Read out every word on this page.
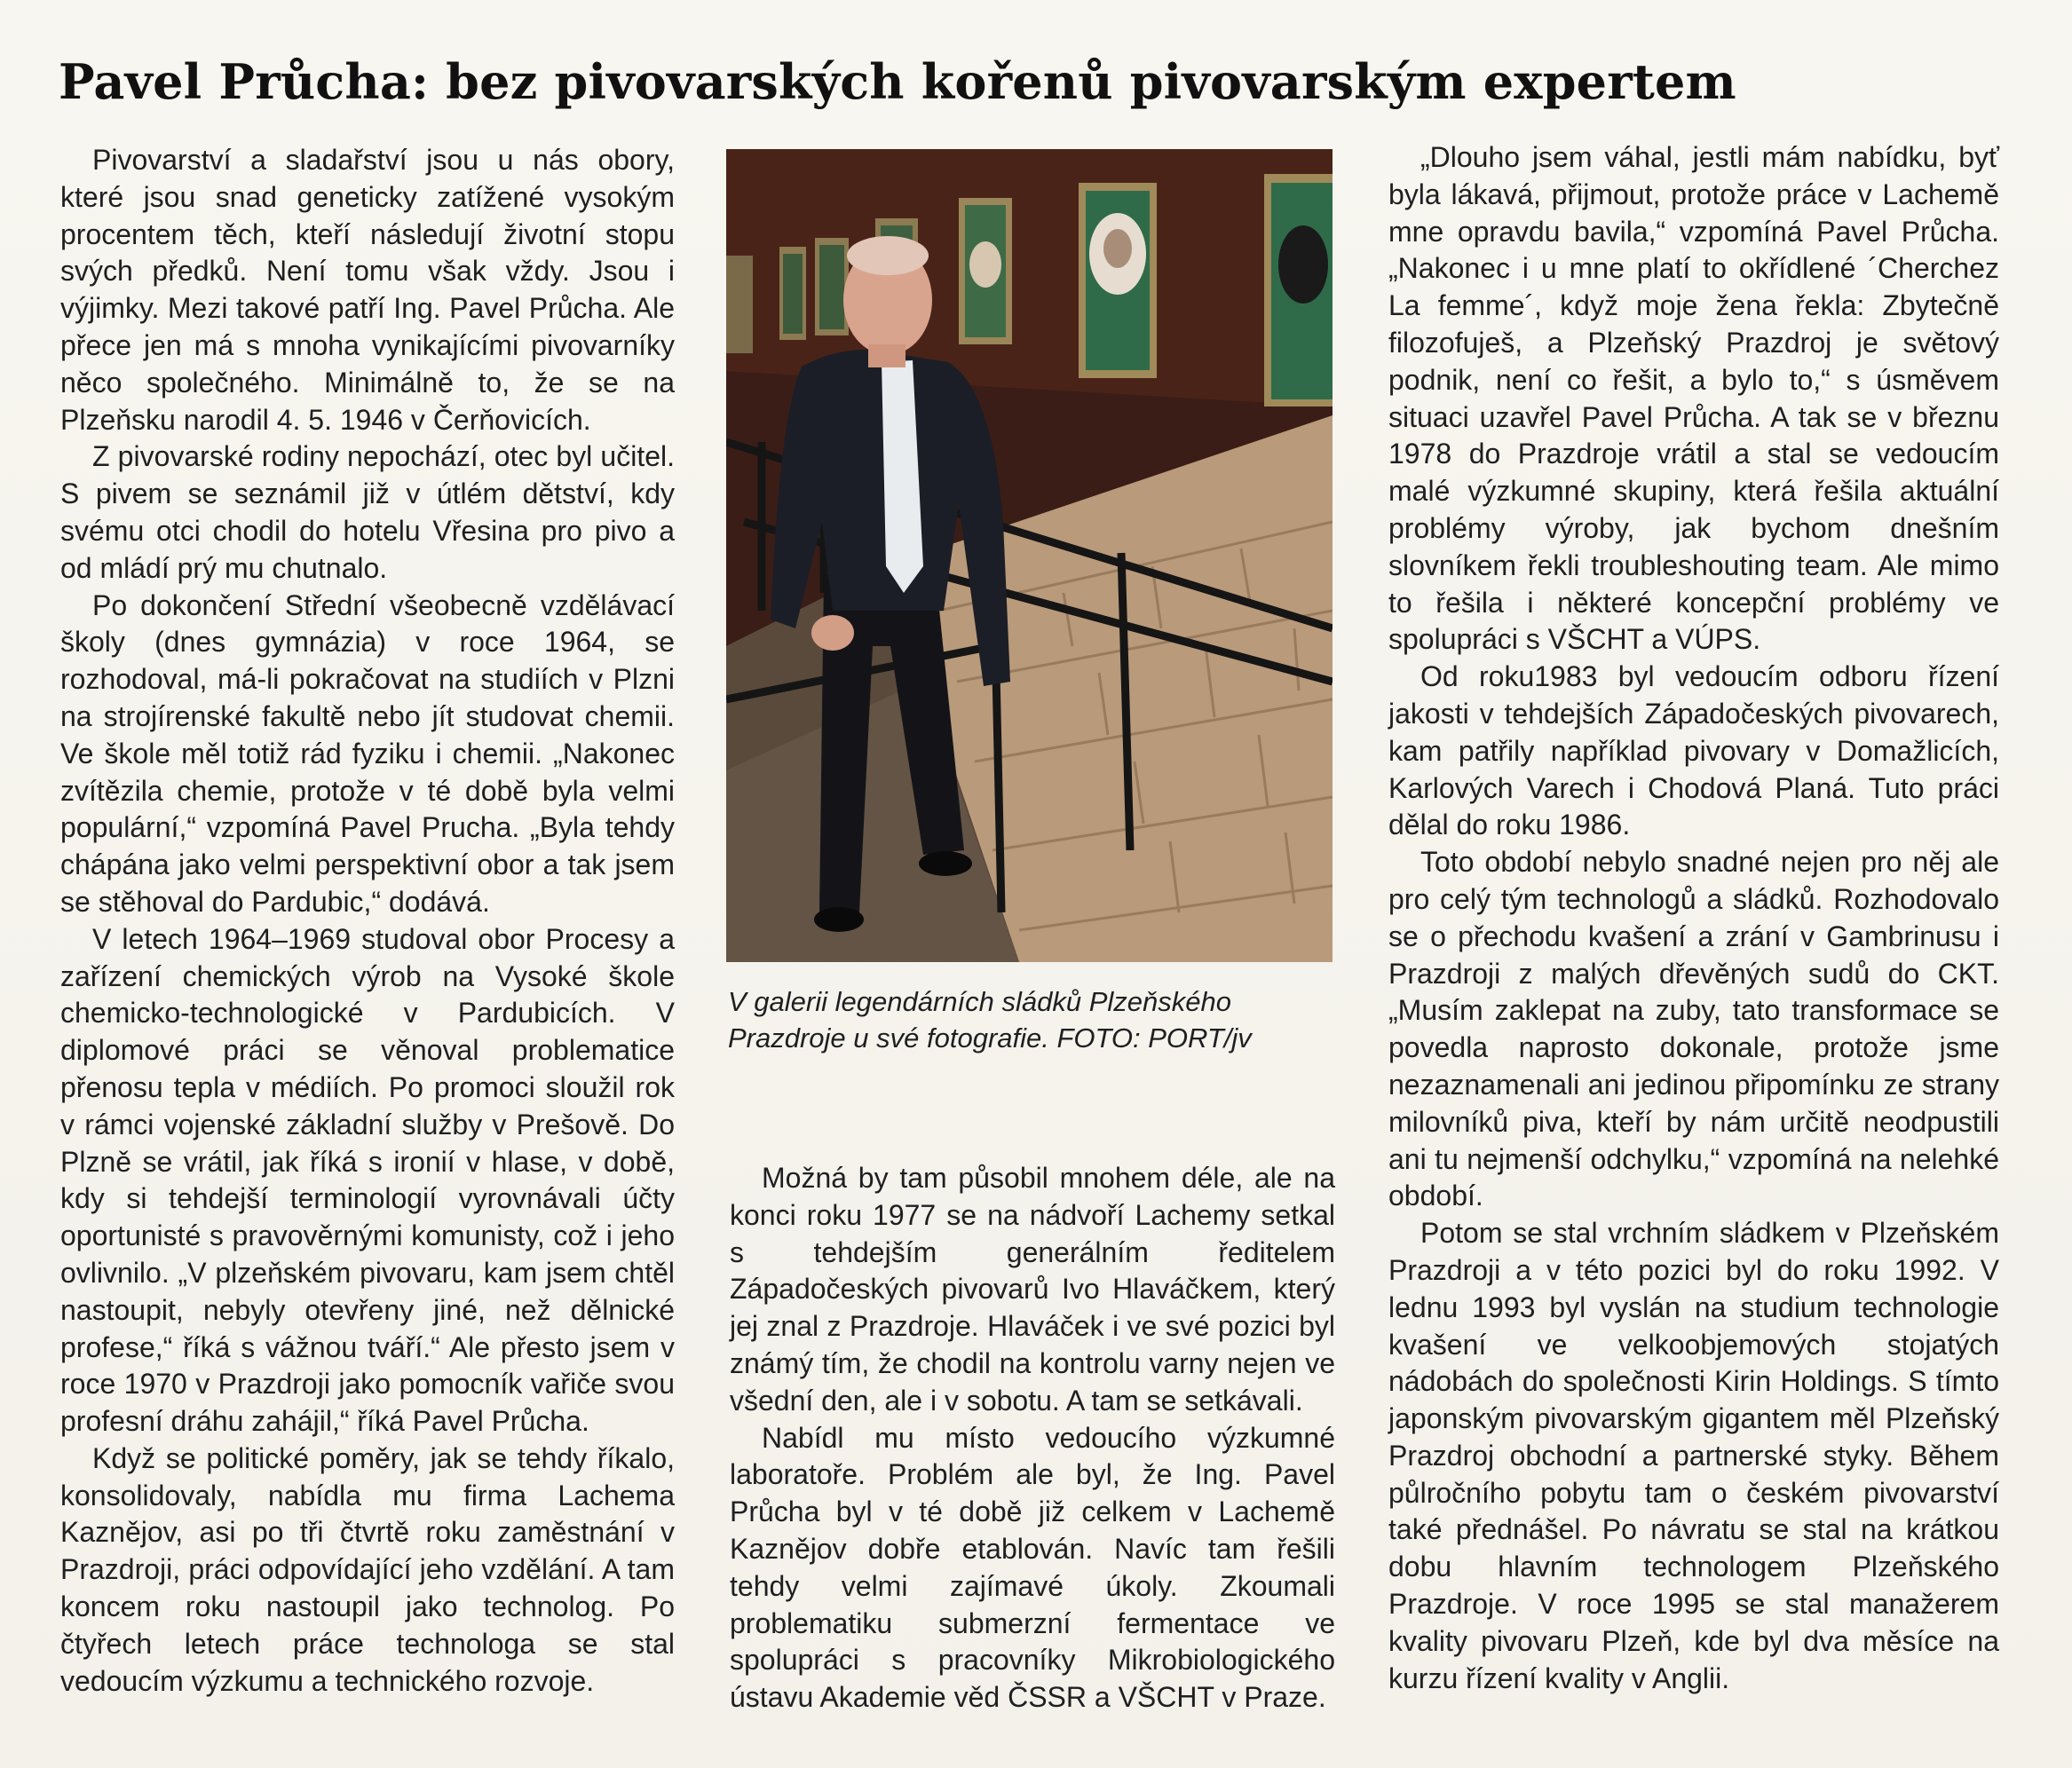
Pavel Průcha: bez pivovarských kořenů pivovarským expertem

Pivovarství a sladařství jsou u nás obory, které jsou snad geneticky zatížené vysokým procentem těch, kteří následují životní stopu svých předků. Není tomu však vždy. Jsou i výjimky. Mezi takové patří Ing. Pavel Průcha. Ale přece jen má s mnoha vynikajícími pivovarníky něco společného. Minimálně to, že se na Plzeňsku narodil 4. 5. 1946 v Čerňovicích.

Z pivovarské rodiny nepochází, otec byl učitel. S pivem se seznámil již v útlém dětství, kdy svému otci chodil do hotelu Vřesina pro pivo a od mládí prý mu chutnalo.

Po dokončení Střední všeobecně vzdělávací školy (dnes gymnázia) v roce 1964, se rozhodoval, má-li pokračovat na studiích v Plzni na strojírenské fakultě nebo jít studovat chemii. Ve škole měl totiž rád fyziku i chemii. „Nakonec zvítězila chemie, protože v té době byla velmi populární,“ vzpomíná Pavel Prucha. „Byla tehdy chápána jako velmi perspektivní obor a tak jsem se stěhoval do Pardubic,“ dodává.

V letech 1964–1969 studoval obor Procesy a zařízení chemických výrob na Vysoké škole chemicko-technologické v Pardubicích. V diplomové práci se věnoval problematice přenosu tepla v médiích. Po promoci sloužil rok v rámci vojenské základní služby v Prešově. Do Plzně se vrátil, jak říká s ironií v hlase, v době, kdy si tehdejší terminologií vyrovnávali účty oportunisté s pravověrnými komunisty, což i jeho ovlivnilo. „V plzeňském pivovaru, kam jsem chtěl nastoupit, nebyly otevřeny jiné, než dělnické profese,“ říká s vážnou tváří.“ Ale přesto jsem v roce 1970 v Prazdroji jako pomocník vařiče svou profesní dráhu zahájil,“ říká Pavel Průcha.

Když se politické poměry, jak se tehdy říkalo, konsolidovaly, nabídla mu firma Lachema Kaznějov, asi po tři čtvrtě roku zaměstnání v Prazdroji, práci odpovídající jeho vzdělání. A tam koncem roku nastoupil jako technolog. Po čtyřech letech práce technologa se stal vedoucím výzkumu a technického rozvoje.

V galerii legendárních sládků Plzeňského Prazdroje u své fotografie. FOTO: PORT/jv

Možná by tam působil mnohem déle, ale na konci roku 1977 se na nádvoří Lachemy setkal s tehdejším generálním ředitelem Západočeských pivovarů Ivo Hlaváčkem, který jej znal z Prazdroje. Hlaváček i ve své pozici byl známý tím, že chodil na kontrolu varny nejen ve všední den, ale i v sobotu. A tam se setkávali.

Nabídl mu místo vedoucího výzkumné laboratoře. Problém ale byl, že Ing. Pavel Průcha byl v té době již celkem v Lachemě Kaznějov dobře etablován. Navíc tam řešili tehdy velmi zajímavé úkoly. Zkoumali problematiku submerzní fermentace ve spolupráci s pracovníky Mikrobiologického ústavu Akademie věd ČSSR a VŠCHT v Praze.

„Dlouho jsem váhal, jestli mám nabídku, byť byla lákavá, přijmout, protože práce v Lachemě mne opravdu bavila,“ vzpomíná Pavel Průcha. „Nakonec i u mne platí to okřídlené ´Cherchez La femme´, když moje žena řekla: Zbytečně filozofuješ, a Plzeňský Prazdroj je světový podnik, není co řešit, a bylo to,“ s úsměvem situaci uzavřel Pavel Průcha. A tak se v březnu 1978 do Prazdroje vrátil a stal se vedoucím malé výzkumné skupiny, která řešila aktuální problémy výroby, jak bychom dnešním slovníkem řekli troubleshouting team. Ale mimo to řešila i některé koncepční problémy ve spolupráci s VŠCHT a VÚPS.

Od roku1983 byl vedoucím odboru řízení jakosti v tehdejších Západočeských pivovarech, kam patřily například pivovary v Domažlicích, Karlových Varech i Chodová Planá. Tuto práci dělal do roku 1986.

Toto období nebylo snadné nejen pro něj ale pro celý tým technologů a sládků. Rozhodovalo se o přechodu kvašení a zrání v Gambrinusu i Prazdroji z malých dřevěných sudů do CKT. „Musím zaklepat na zuby, tato transformace se povedla naprosto dokonale, protože jsme nezaznamenali ani jedinou připomínku ze strany milovníků piva, kteří by nám určitě neodpustili ani tu nejmenší odchylku,“ vzpomíná na nelehké období.

Potom se stal vrchním sládkem v Plzeňském Prazdroji a v této pozici byl do roku 1992. V lednu 1993 byl vyslán na studium technologie kvašení ve velkoobjemových stojatých nádobách do společnosti Kirin Holdings. S tímto japonským pivovarským gigantem měl Plzeňský Prazdroj obchodní a partnerské styky. Během půlročního pobytu tam o českém pivovarství také přednášel. Po návratu se stal na krátkou dobu hlavním technologem Plzeňského Prazdroje. V roce 1995 se stal manažerem kvality pivovaru Plzeň, kde byl dva měsíce na kurzu řízení kvality v Anglii.
